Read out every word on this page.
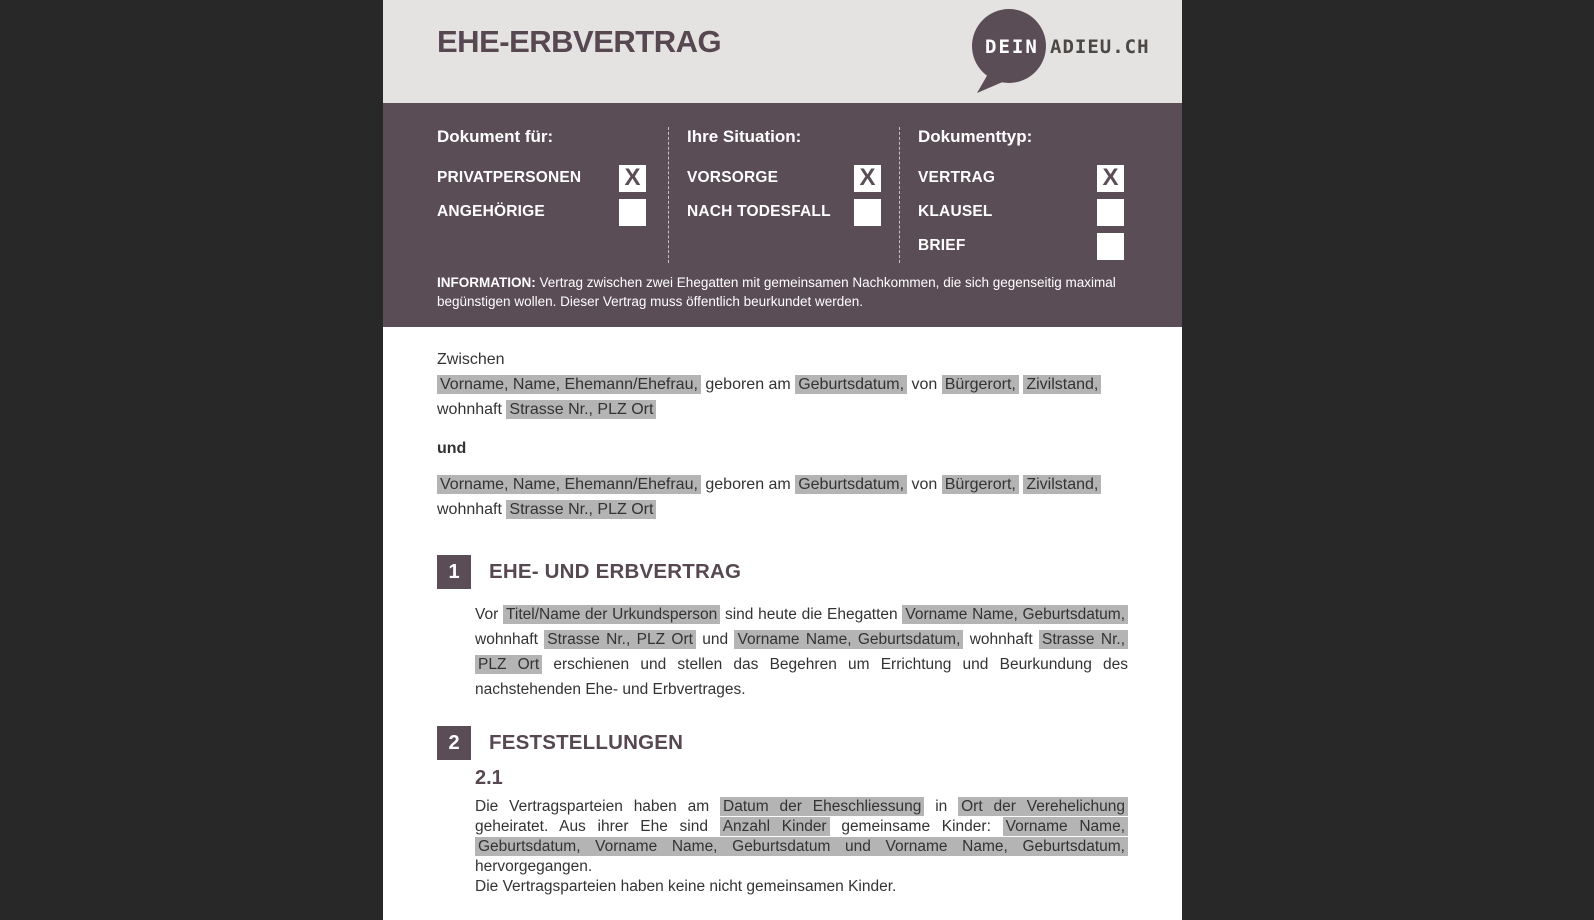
EHE-ERBVERTRAG	DEIN ADIEU.CH
Dokument für:
PRIVATPERSONEN X
ANGEHÖRIGE
Ihre Situation:
VORSORGE	X
NACH TODESFALL
Dokumenttyp:
VERTRAG	X
KLAUSEL
BRIEF

INFORMATION: Vertrag zwischen zwei Ehegatten mit gemeinsamen Nachkommen, die sich gegenseitig maximal begünstigen wollen. Dieser Vertrag muss öffentlich beurkundet werden.

Zwischen

Vorname, Name, Ehemann/Ehefrau, geboren am Geburtsdatum, von Bürgerort, Zivilstand,
wohnhaft Strasse Nr., PLZ Ort

und

Vorname, Name, Ehemann/Ehefrau, geboren am Geburtsdatum, von Bürgerort, Zivilstand,
wohnhaft Strasse Nr., PLZ Ort

1	EHE- UND ERBVERTRAG

Vor Titel/Name der Urkundsperson sind heute die Ehegatten Vorname Name, Geburtsdatum, wohnhaft Strasse Nr., PLZ Ort und Vorname Name, Geburtsdatum, wohnhaft Strasse Nr., PLZ Ort erschienen und stellen das Begehren um Errichtung und Beurkundung des nachstehenden Ehe- und Erbvertrages.

2	FESTSTELLUNGEN
2.1

Die Vertragsparteien haben am Datum der Eheschliessung in Ort der Verehelichung geheiratet. Aus ihrer Ehe sind Anzahl Kinder gemeinsame Kinder: Vorname Name, Geburtsdatum, Vorname Name, Geburtsdatum und Vorname Name, Geburtsdatum, hervorgegangen.

Die Vertragsparteien haben keine nicht gemeinsamen Kinder.
